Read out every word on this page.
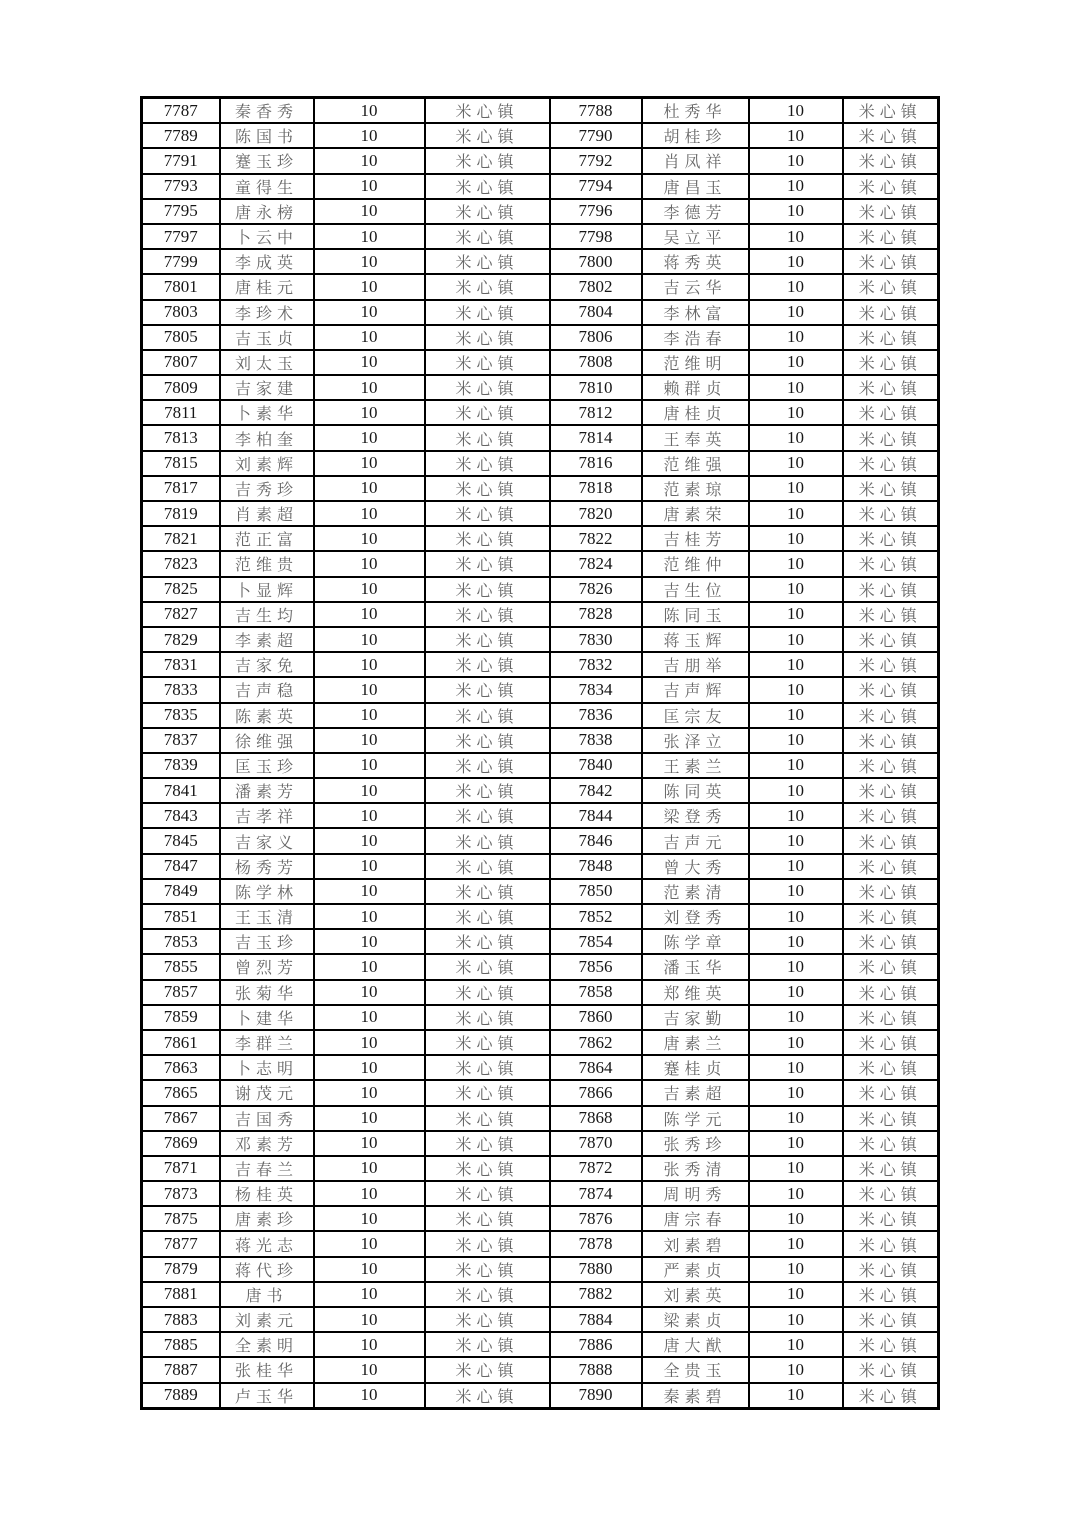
7787	秦香秀	10	米心镇	7788	杜秀华	10	米心镇
7789	陈国书	10	米心镇	7790	胡桂珍	10	米心镇
7791	蹇玉珍	10	米心镇	7792	肖凤祥	10	米心镇
7793	童得生	10	米心镇	7794	唐昌玉	10	米心镇
7795	唐永榜	10	米心镇	7796	李德芳	10	米心镇
7797	卜云中	10	米心镇	7798	吴立平	10	米心镇
7799	李成英	10	米心镇	7800	蒋秀英	10	米心镇
7801	唐桂元	10	米心镇	7802	吉云华	10	米心镇
7803	李珍术	10	米心镇	7804	李林富	10	米心镇
7805	吉玉贞	10	米心镇	7806	李浩春	10	米心镇
7807	刘太玉	10	米心镇	7808	范维明	10	米心镇
7809	吉家建	10	米心镇	7810	赖群贞	10	米心镇
7811	卜素华	10	米心镇	7812	唐桂贞	10	米心镇
7813	李柏奎	10	米心镇	7814	王奉英	10	米心镇
7815	刘素辉	10	米心镇	7816	范维强	10	米心镇
7817	吉秀珍	10	米心镇	7818	范素琼	10	米心镇
7819	肖素超	10	米心镇	7820	唐素荣	10	米心镇
7821	范正富	10	米心镇	7822	吉桂芳	10	米心镇
7823	范维贵	10	米心镇	7824	范维仲	10	米心镇
7825	卜显辉	10	米心镇	7826	吉生位	10	米心镇
7827	吉生均	10	米心镇	7828	陈同玉	10	米心镇
7829	李素超	10	米心镇	7830	蒋玉辉	10	米心镇
7831	吉家免	10	米心镇	7832	吉朋举	10	米心镇
7833	吉声稳	10	米心镇	7834	吉声辉	10	米心镇
7835	陈素英	10	米心镇	7836	匡宗友	10	米心镇
7837	徐维强	10	米心镇	7838	张泽立	10	米心镇
7839	匡玉珍	10	米心镇	7840	王素兰	10	米心镇
7841	潘素芳	10	米心镇	7842	陈同英	10	米心镇
7843	吉孝祥	10	米心镇	7844	梁登秀	10	米心镇
7845	吉家义	10	米心镇	7846	吉声元	10	米心镇
7847	杨秀芳	10	米心镇	7848	曾大秀	10	米心镇
7849	陈学林	10	米心镇	7850	范素清	10	米心镇
7851	王玉清	10	米心镇	7852	刘登秀	10	米心镇
7853	吉玉珍	10	米心镇	7854	陈学章	10	米心镇
7855	曾烈芳	10	米心镇	7856	潘玉华	10	米心镇
7857	张菊华	10	米心镇	7858	郑维英	10	米心镇
7859	卜建华	10	米心镇	7860	吉家勤	10	米心镇
7861	李群兰	10	米心镇	7862	唐素兰	10	米心镇
7863	卜志明	10	米心镇	7864	蹇桂贞	10	米心镇
7865	谢茂元	10	米心镇	7866	吉素超	10	米心镇
7867	吉国秀	10	米心镇	7868	陈学元	10	米心镇
7869	邓素芳	10	米心镇	7870	张秀珍	10	米心镇
7871	吉春兰	10	米心镇	7872	张秀清	10	米心镇
7873	杨桂英	10	米心镇	7874	周明秀	10	米心镇
7875	唐素珍	10	米心镇	7876	唐宗春	10	米心镇
7877	蒋光志	10	米心镇	7878	刘素碧	10	米心镇
7879	蒋代珍	10	米心镇	7880	严素贞	10	米心镇
7881	唐书	10	米心镇	7882	刘素英	10	米心镇
7883	刘素元	10	米心镇	7884	梁素贞	10	米心镇
7885	全素明	10	米心镇	7886	唐大猷	10	米心镇
7887	张桂华	10	米心镇	7888	全贵玉	10	米心镇
7889	卢玉华	10	米心镇	7890	秦素碧	10	米心镇
